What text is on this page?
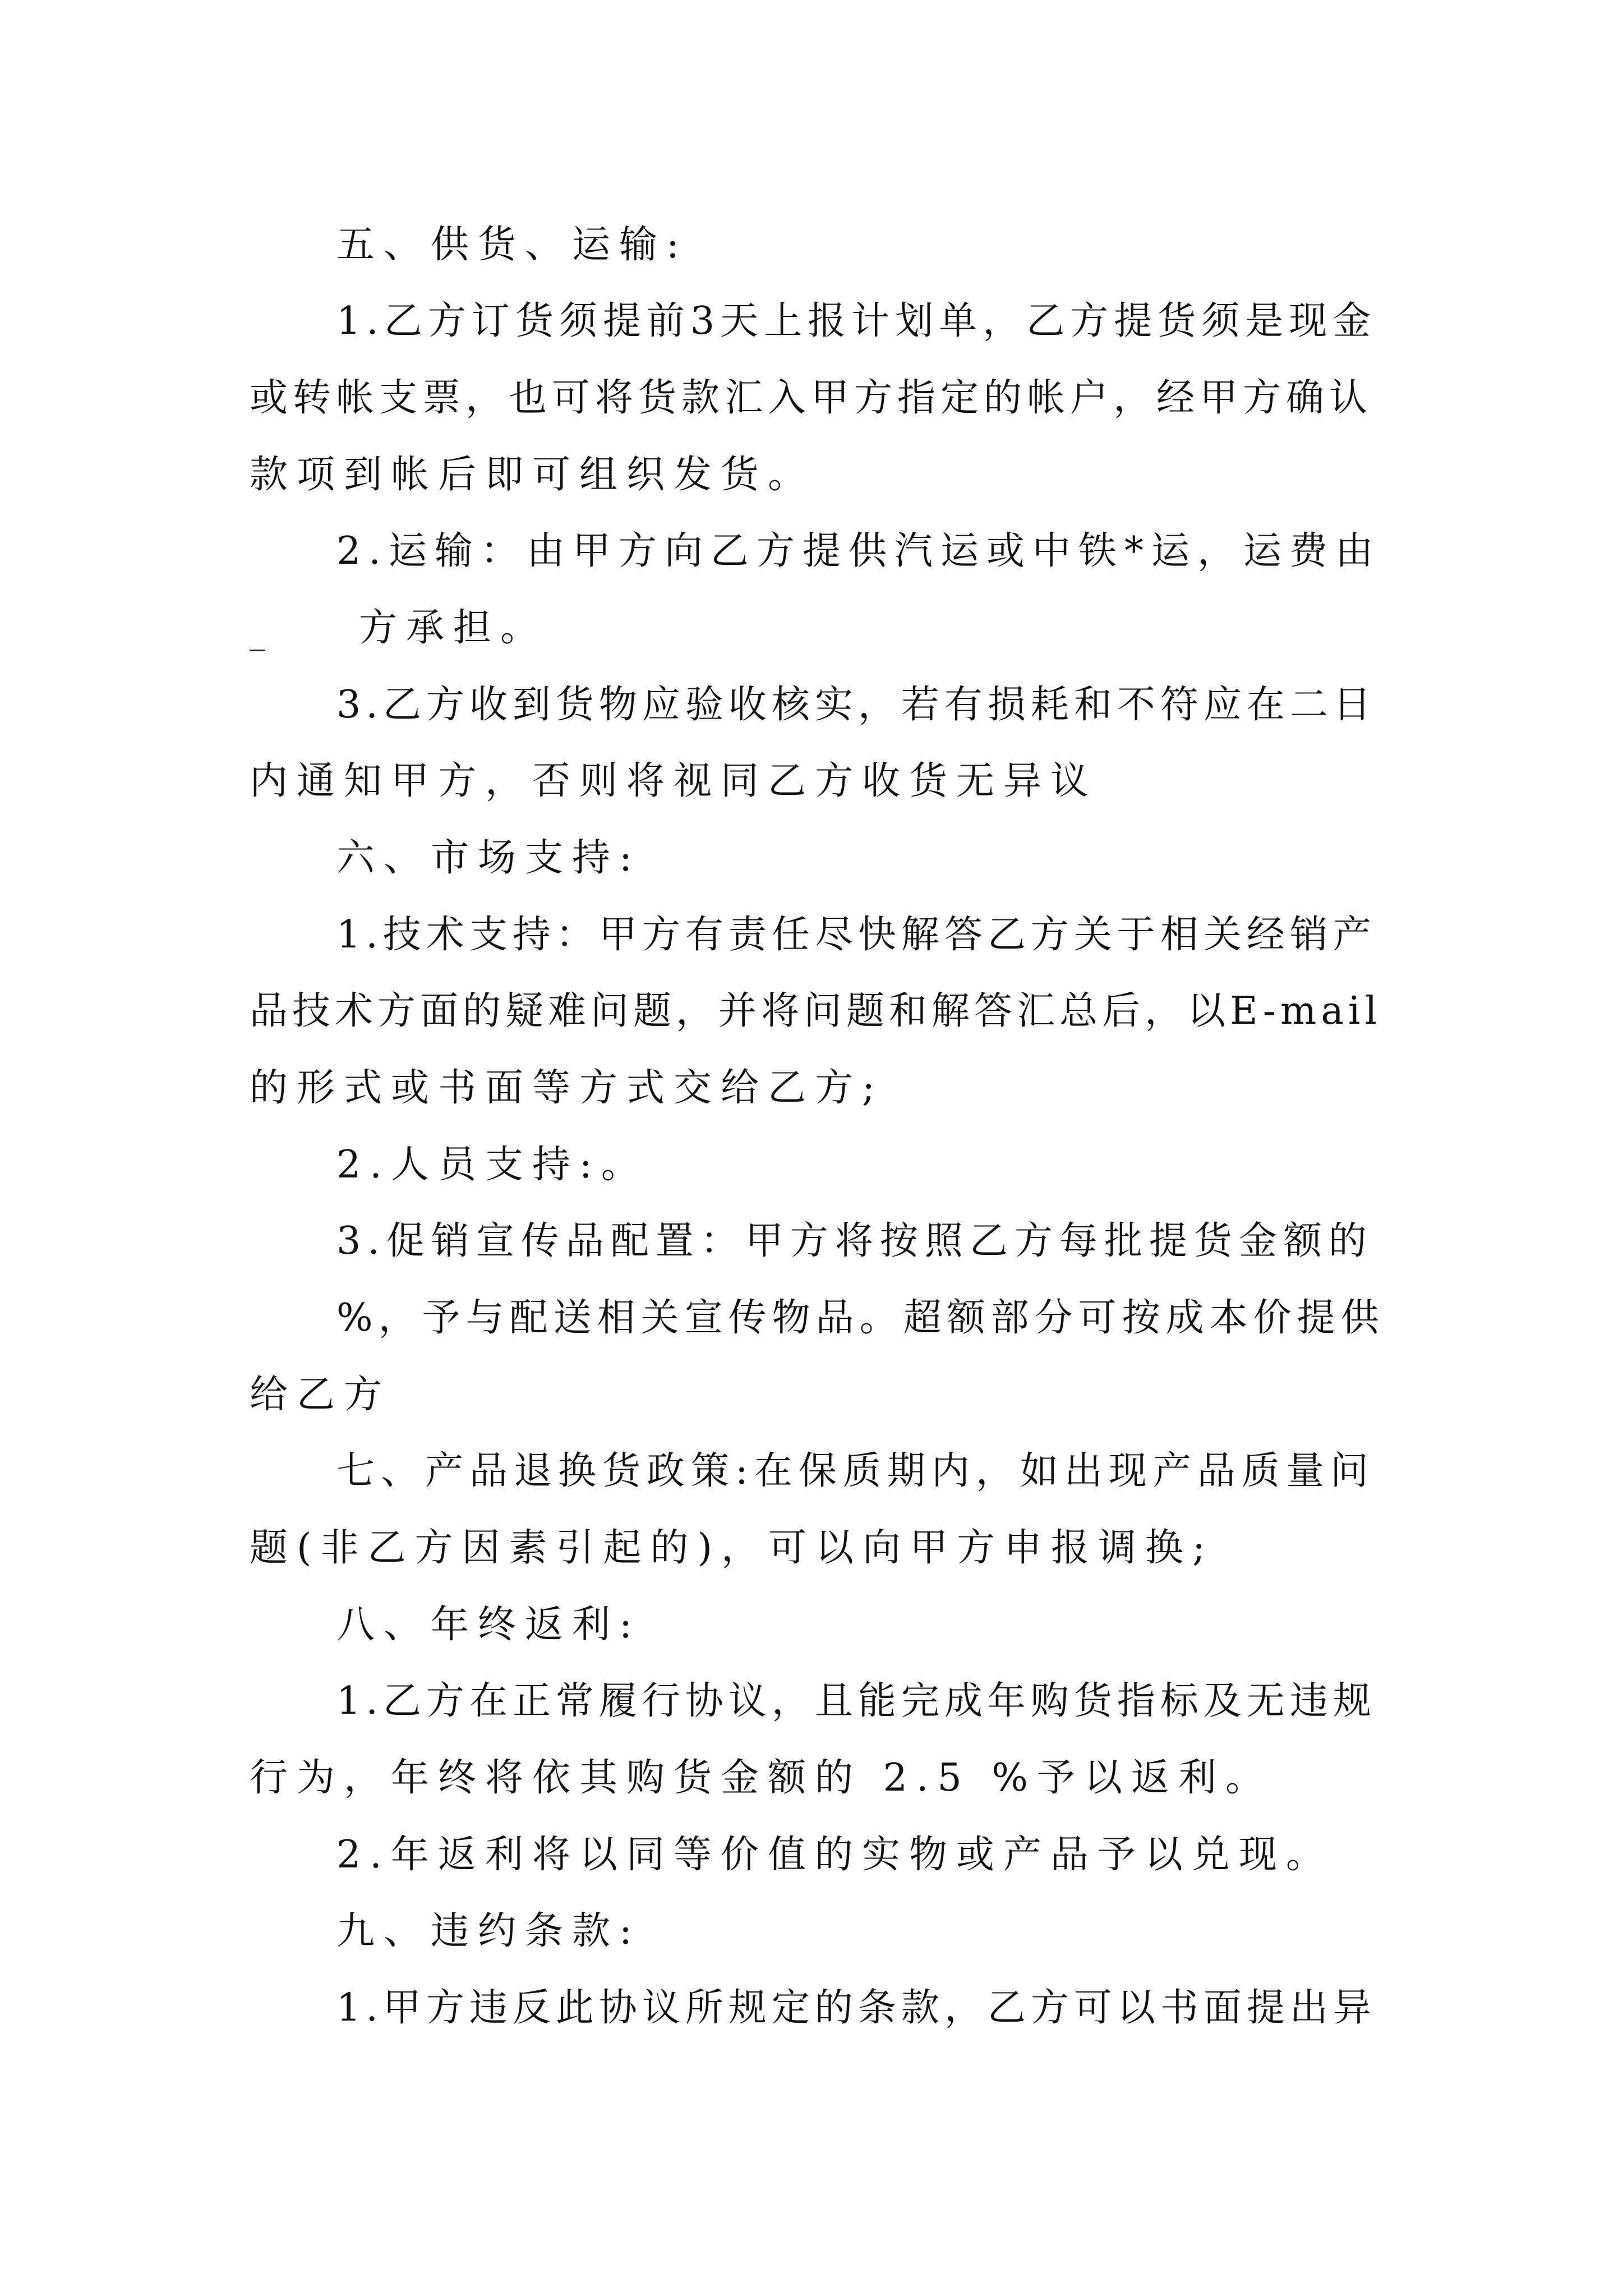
五、供货、运输:
1.乙方订货须提前3天上报计划单，乙方提货须是现金
或转帐支票，也可将货款汇入甲方指定的帐户，经甲方确认
款项到帐后即可组织发货。
2.运输：由甲方向乙方提供汽运或中铁*运，运费由
方承担。
3.乙方收到货物应验收核实，若有损耗和不符应在二日
内通知甲方，否则将视同乙方收货无异议
六、市场支持:
1.技术支持：甲方有责任尽快解答乙方关于相关经销产
品技术方面的疑难问题，并将问题和解答汇总后，以E-mail
的形式或书面等方式交给乙方;
2.人员支持:。
3.促销宣传品配置：甲方将按照乙方每批提货金额的
%，予与配送相关宣传物品。超额部分可按成本价提供
给乙方
七、产品退换货政策:在保质期内，如出现产品质量问
题(非乙方因素引起的)，可以向甲方申报调换;
八、年终返利:
1.乙方在正常履行协议，且能完成年购货指标及无违规
行为，年终将依其购货金额的 2.5 %予以返利。
2.年返利将以同等价值的实物或产品予以兑现。
九、违约条款:
1.甲方违反此协议所规定的条款，乙方可以书面提出异
